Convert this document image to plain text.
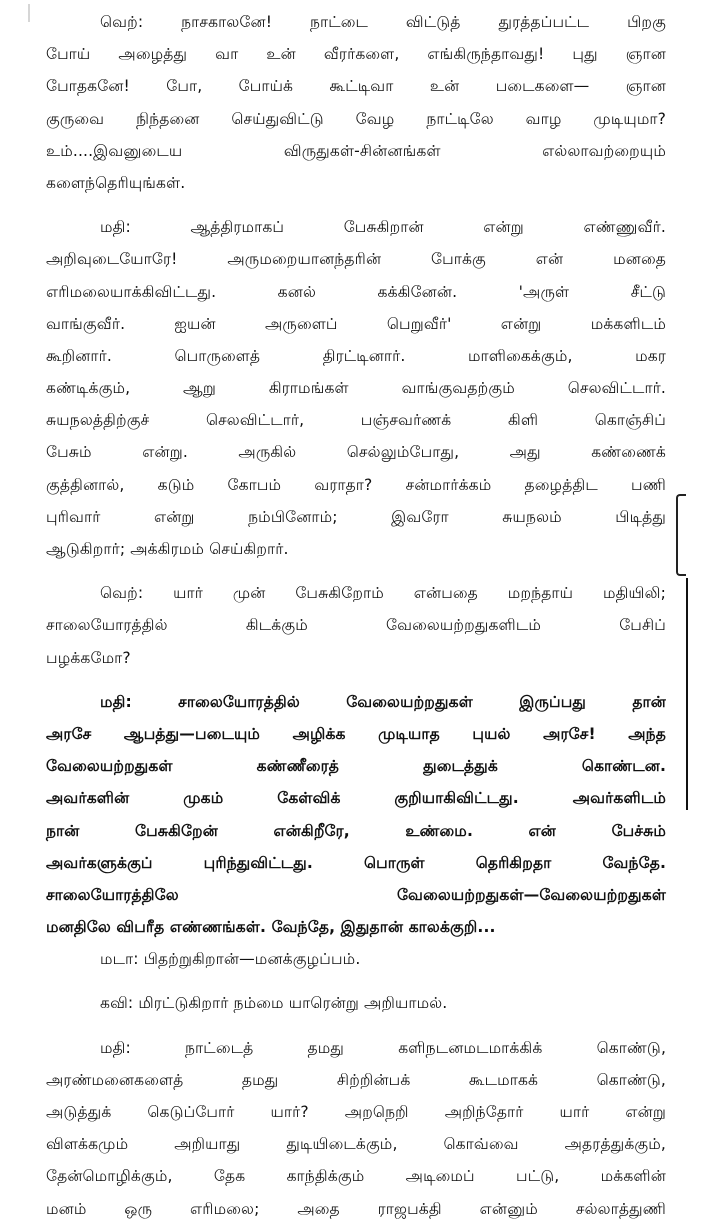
வெற்: நாசகாலனே! நாட்டை விட்டுத் துரத்தப்பட்ட பிறகு
போய் அழைத்து வா உன் வீரர்களை, எங்கிருந்தாவது! புது ஞான
போதகனே! போ, போய்க் கூட்டிவா உன் படைகளை— ஞான
குருவை நிந்தனை செய்துவிட்டு வேழ நாட்டிலே வாழ முடியுமா?
உம்....இவனுடைய விருதுகள்-சின்னங்கள் எல்லாவற்றையும்
களைந்தெரியுங்கள்.
மதி: ஆத்திரமாகப் பேசுகிறான் என்று எண்ணுவீர்.
அறிவுடையோரே! அருமறையானந்தரின் போக்கு என் மனதை
எரிமலையாக்கிவிட்டது. கனல் கக்கினேன். 'அருள் சீட்டு
வாங்குவீர். ஐயன் அருளைப் பெறுவீர்' என்று மக்களிடம்
கூறினார். பொருளைத் திரட்டினார். மாளிகைக்கும், மகர
கண்டிக்கும், ஆறு கிராமங்கள் வாங்குவதற்கும் செலவிட்டார்.
சுயநலத்திற்குச் செலவிட்டார், பஞ்சவர்ணக் கிளி கொஞ்சிப்
பேசும் என்று. அருகில் செல்லும்போது, அது கண்ணைக்
குத்தினால், கடும் கோபம் வராதா? சன்மார்க்கம் தழைத்திட பணி
புரிவார் என்று நம்பினோம்; இவரோ சுயநலம் பிடித்து
ஆடுகிறார்; அக்கிரமம் செய்கிறார்.
வெற்: யார் முன் பேசுகிறோம் என்பதை மறந்தாய் மதியிலி;
சாலையோரத்தில் கிடக்கும் வேலையற்றதுகளிடம் பேசிப்
பழக்கமோ?
மதி: சாலையோரத்தில் வேலையற்றதுகள் இருப்பது தான்
அரசே ஆபத்து—படையும் அழிக்க முடியாத புயல் அரசே! அந்த
வேலையற்றதுகள் கண்ணீரைத் துடைத்துக் கொண்டன.
அவர்களின் முகம் கேள்விக் குறியாகிவிட்டது. அவர்களிடம்
நான் பேசுகிறேன் என்கிறீரே, உண்மை. என் பேச்சும்
அவர்களுக்குப் புரிந்துவிட்டது. பொருள் தெரிகிறதா வேந்தே.
சாலையோரத்திலே வேலையற்றதுகள்—வேலையற்றதுகள்
மனதிலே விபரீத எண்ணங்கள். வேந்தே, இதுதான் காலக்குறி...
மடா: பிதற்றுகிறான்—மனக்குழப்பம்.
கவி: மிரட்டுகிறார் நம்மை யாரென்று அறியாமல்.
மதி: நாட்டைத் தமது களிநடனமடமாக்கிக் கொண்டு,
அரண்மனைகளைத் தமது சிற்றின்பக் கூடமாகக் கொண்டு,
அடுத்துக் கெடுப்போர் யார்? அறநெறி அறிந்தோர் யார் என்று
விளக்கமும் அறியாது துடியிடைக்கும், கொவ்வை அதரத்துக்கும்,
தேன்மொழிக்கும், தேக காந்திக்கும் அடிமைப் பட்டு, மக்களின்
மனம் ஒரு எரிமலை; அதை ராஜபக்தி என்னும் சல்லாத்துணி
